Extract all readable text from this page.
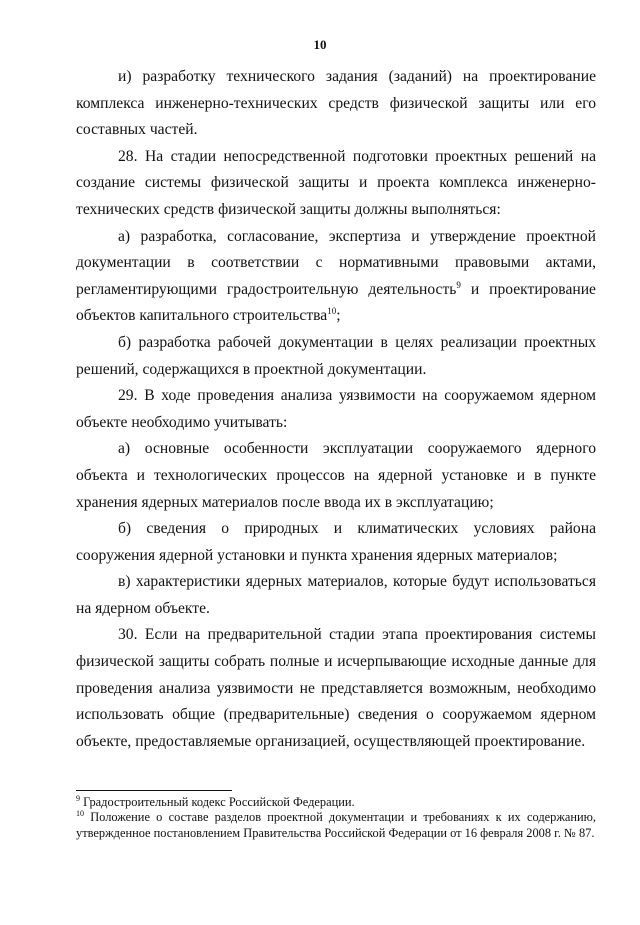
10

и) разработку технического задания (заданий) на проектирование комплекса инженерно-технических средств физической защиты или его составных частей.

28. На стадии непосредственной подготовки проектных решений на создание системы физической защиты и проекта комплекса инженерно-технических средств физической защиты должны выполняться:

а) разработка, согласование, экспертиза и утверждение проектной документации в соответствии с нормативными правовыми актами, регламентирующими градостроительную деятельность$^9$ и проектирование объектов капитального строительства$^{10}$;

б) разработка рабочей документации в целях реализации проектных решений, содержащихся в проектной документации.

29. В ходе проведения анализа уязвимости на сооружаемом ядерном объекте необходимо учитывать:

а) основные особенности эксплуатации сооружаемого ядерного объекта и технологических процессов на ядерной установке и в пункте хранения ядерных материалов после ввода их в эксплуатацию;

б) сведения о природных и климатических условиях района сооружения ядерной установки и пункта хранения ядерных материалов;

в) характеристики ядерных материалов, которые будут использоваться на ядерном объекте.

30. Если на предварительной стадии этапа проектирования системы физической защиты собрать полные и исчерпывающие исходные данные для проведения анализа уязвимости не представляется возможным, необходимо использовать общие (предварительные) сведения о сооружаемом ядерном объекте, предоставляемые организацией, осуществляющей проектирование.

$^9$ Градостроительный кодекс Российской Федерации.

$^{10}$ Положение о составе разделов проектной документации и требованиях к их содержанию, утвержденное постановлением Правительства Российской Федерации от 16 февраля 2008 г. № 87.
